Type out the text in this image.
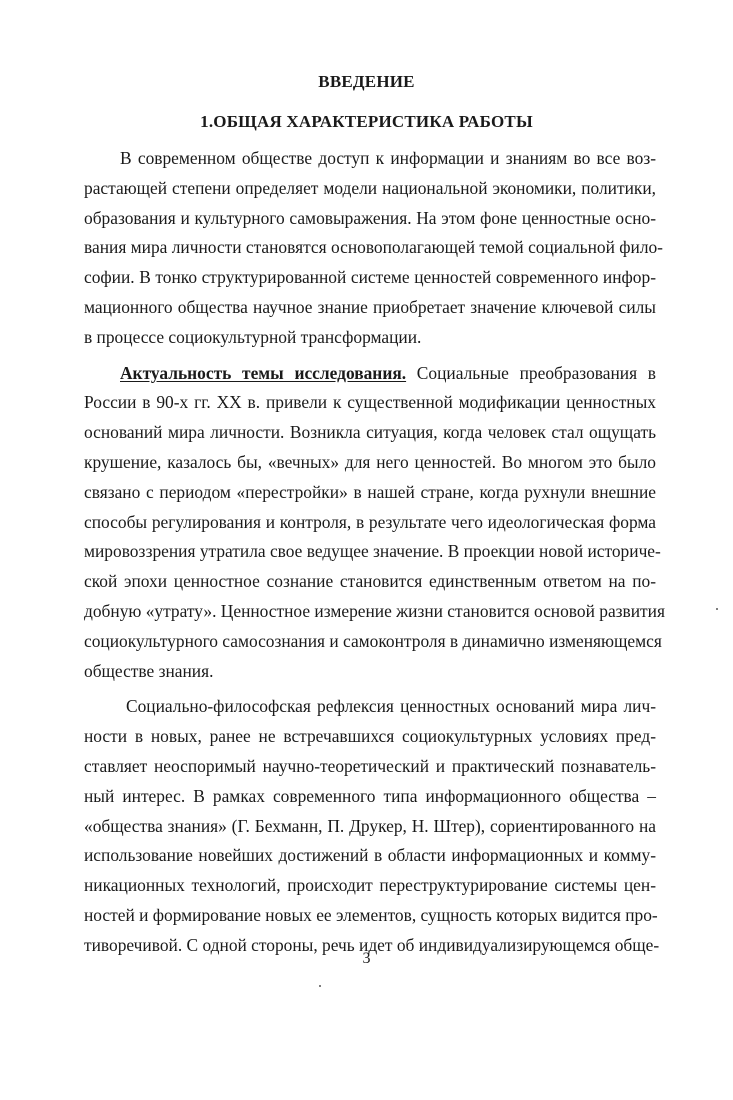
ВВЕДЕНИЕ
1.ОБЩАЯ ХАРАКТЕРИСТИКА РАБОТЫ
В современном обществе доступ к информации и знаниям во все воз-
растающей степени определяет модели национальной экономики, политики,
образования и культурного самовыражения. На этом фоне ценностные осно-
вания мира личности становятся основополагающей темой социальной фило-
софии. В тонко структурированной системе ценностей современного инфор-
мационного общества научное знание приобретает значение ключевой силы
в процессе социокультурной трансформации.
Актуальность темы исследования. Социальные преобразования в
России в 90-х гг. XX в. привели к существенной модификации ценностных
оснований мира личности. Возникла ситуация, когда человек стал ощущать
крушение, казалось бы, «вечных» для него ценностей. Во многом это было
связано с периодом «перестройки» в нашей стране, когда рухнули внешние
способы регулирования и контроля, в результате чего идеологическая форма
мировоззрения утратила свое ведущее значение. В проекции новой историче-
ской эпохи ценностное сознание становится единственным ответом на по-
добную «утрату». Ценностное измерение жизни становится основой развития
социокультурного самосознания и самоконтроля в динамично изменяющемся
обществе знания.
Социально-философская рефлексия ценностных оснований мира лич-
ности в новых, ранее не встречавшихся социокультурных условиях пред-
ставляет неоспоримый научно-теоретический и практический познаватель-
ный интерес. В рамках современного типа информационного общества –
«общества знания» (Г. Бехманн, П. Друкер, Н. Штер), сориентированного на
использование новейших достижений в области информационных и комму-
никационных технологий, происходит переструктурирование системы цен-
ностей и формирование новых ее элементов, сущность которых видится про-
тиворечивой. С одной стороны, речь идет об индивидуализирующемся обще-
3
